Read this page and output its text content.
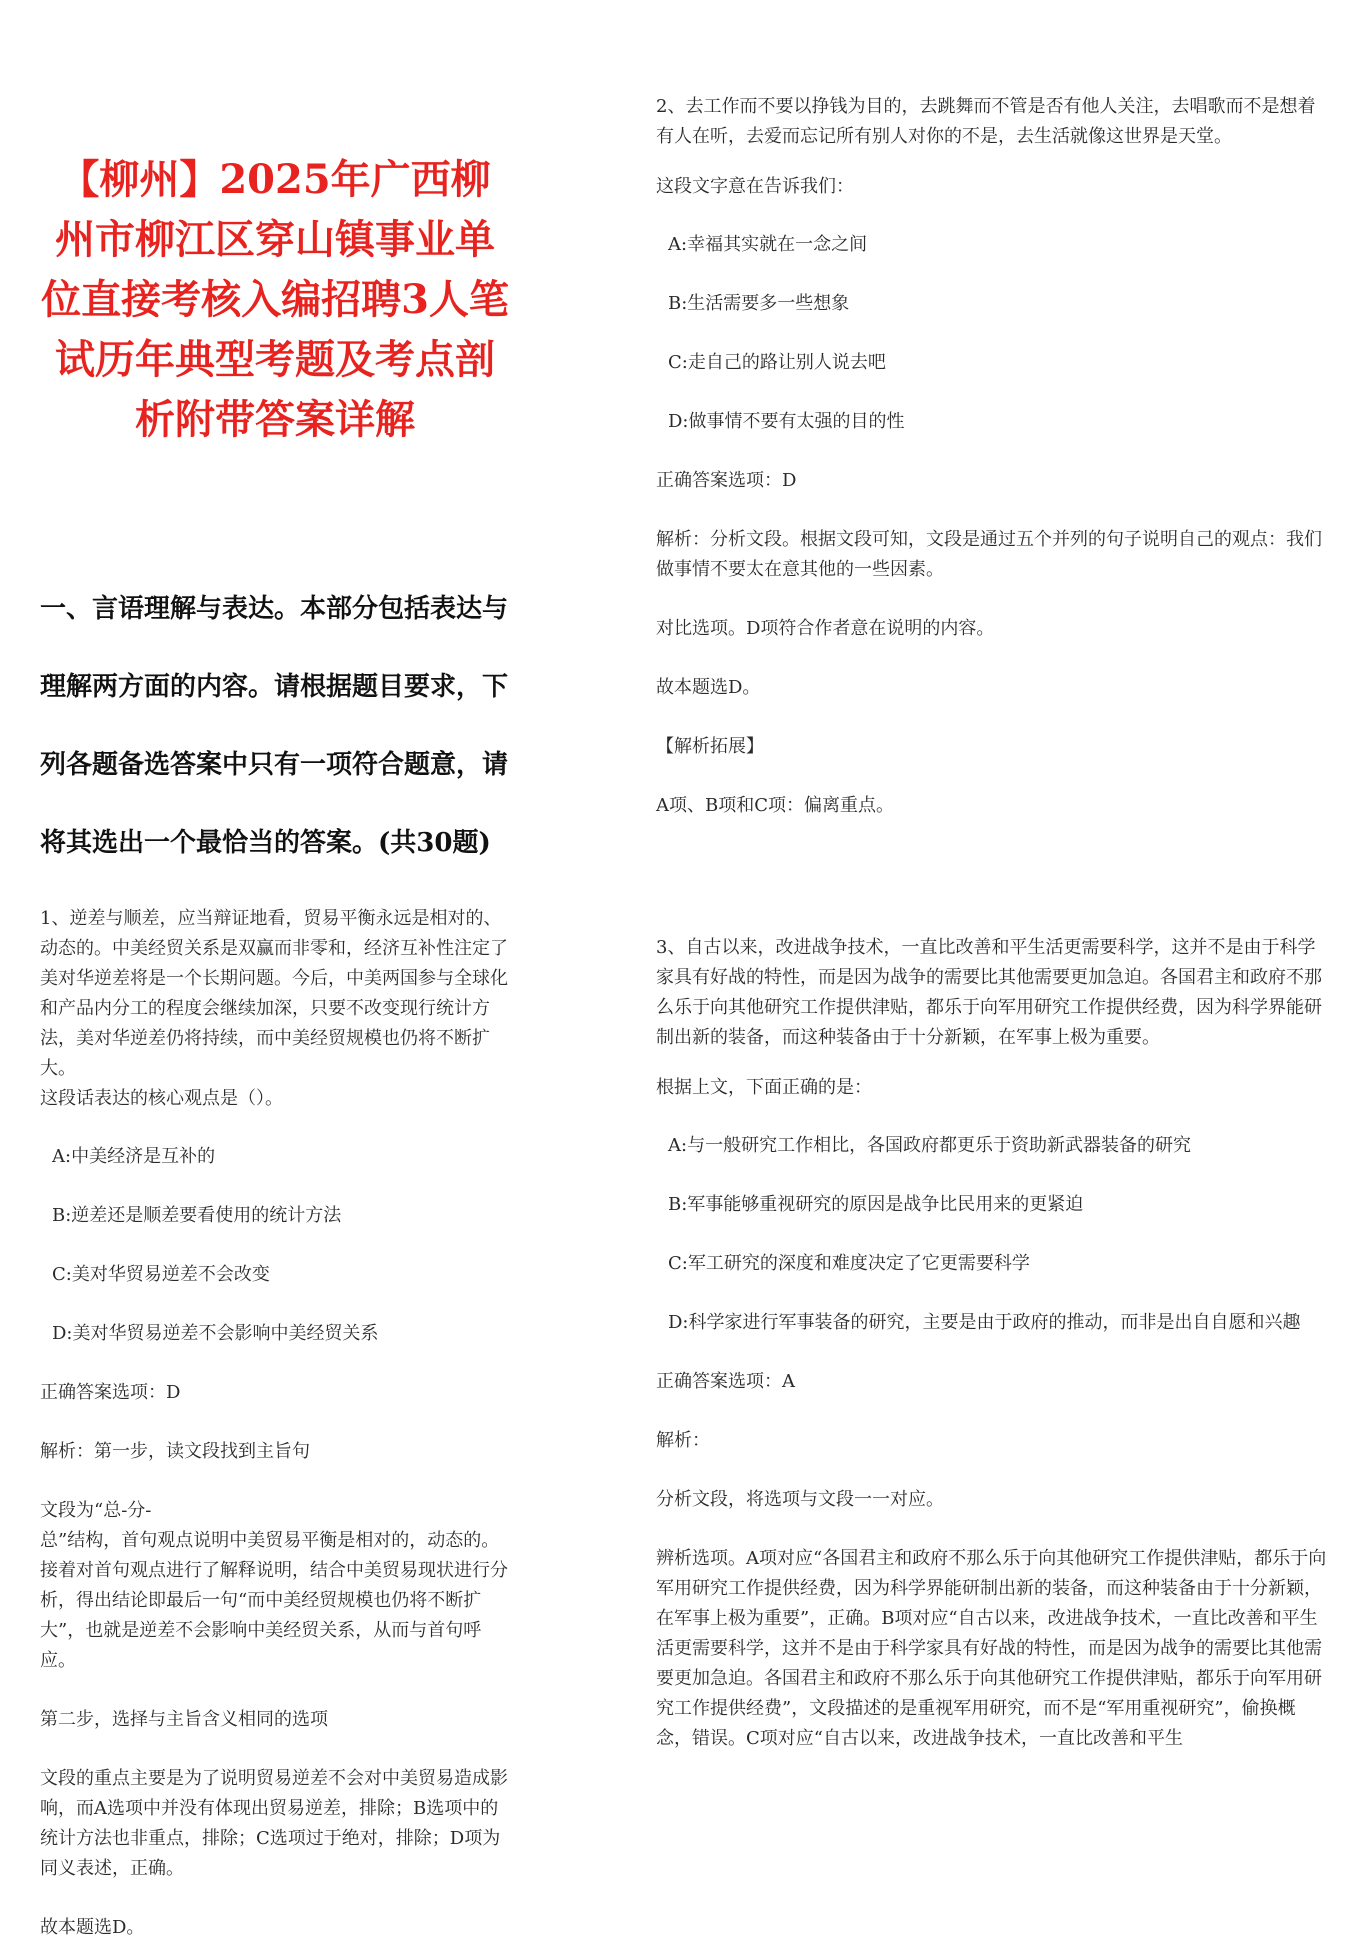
【柳州】2025年广西柳州市柳江区穿山镇事业单位直接考核入编招聘3人笔试历年典型考题及考点剖析附带答案详解
一、言语理解与表达。本部分包括表达与理解两方面的内容。请根据题目要求，下列各题备选答案中只有一项符合题意，请将其选出一个最恰当的答案。(共30题)

1、逆差与顺差，应当辩证地看，贸易平衡永远是相对的、动态的。中美经贸关系是双赢而非零和，经济互补性注定了美对华逆差将是一个长期问题。今后，中美两国参与全球化和产品内分工的程度会继续加深，只要不改变现行统计方法，美对华逆差仍将持续，而中美经贸规模也仍将不断扩大。

这段话表达的核心观点是（）。

A:中美经济是互补的

B:逆差还是顺差要看使用的统计方法

C:美对华贸易逆差不会改变

D:美对华贸易逆差不会影响中美经贸关系

正确答案选项：D

解析：第一步，读文段找到主旨句

文段为“总-分-

总”结构，首句观点说明中美贸易平衡是相对的，动态的。接着对首句观点进行了解释说明，结合中美贸易现状进行分析，得出结论即最后一句“而中美经贸规模也仍将不断扩大”，也就是逆差不会影响中美经贸关系，从而与首句呼应。

第二步，选择与主旨含义相同的选项

文段的重点主要是为了说明贸易逆差不会对中美贸易造成影响，而A选项中并没有体现出贸易逆差，排除；B选项中的统计方法也非重点，排除；C选项过于绝对，排除；D项为同义表述，正确。

故本题选D。

2、去工作而不要以挣钱为目的，去跳舞而不管是否有他人关注，去唱歌而不是想着有人在听，去爱而忘记所有别人对你的不是，去生活就像这世界是天堂。

这段文字意在告诉我们：

A:幸福其实就在一念之间

B:生活需要多一些想象

C:走自己的路让别人说去吧

D:做事情不要有太强的目的性

正确答案选项：D

解析：分析文段。根据文段可知，文段是通过五个并列的句子说明自己的观点：我们做事情不要太在意其他的一些因素。

对比选项。D项符合作者意在说明的内容。

故本题选D。

【解析拓展】

A项、B项和C项：偏离重点。

3、自古以来，改进战争技术，一直比改善和平生活更需要科学，这并不是由于科学家具有好战的特性，而是因为战争的需要比其他需要更加急迫。各国君主和政府不那么乐于向其他研究工作提供津贴，都乐于向军用研究工作提供经费，因为科学界能研制出新的装备，而这种装备由于十分新颖，在军事上极为重要。

根据上文，下面正确的是：

A:与一般研究工作相比，各国政府都更乐于资助新武器装备的研究

B:军事能够重视研究的原因是战争比民用来的更紧迫

C:军工研究的深度和难度决定了它更需要科学

D:科学家进行军事装备的研究，主要是由于政府的推动，而非是出自自愿和兴趣

正确答案选项：A

解析：

分析文段，将选项与文段一一对应。

辨析选项。A项对应“各国君主和政府不那么乐于向其他研究工作提供津贴，都乐于向军用研究工作提供经费，因为科学界能研制出新的装备，而这种装备由于十分新颖，在军事上极为重要”，正确。B项对应“自古以来，改进战争技术，一直比改善和平生活更需要科学，这并不是由于科学家具有好战的特性，而是因为战争的需要比其他需要更加急迫。各国君主和政府不那么乐于向其他研究工作提供津贴，都乐于向军用研究工作提供经费”，文段描述的是重视军用研究，而不是“军用重视研究”，偷换概念，错误。C项对应“自古以来，改进战争技术，一直比改善和平生
